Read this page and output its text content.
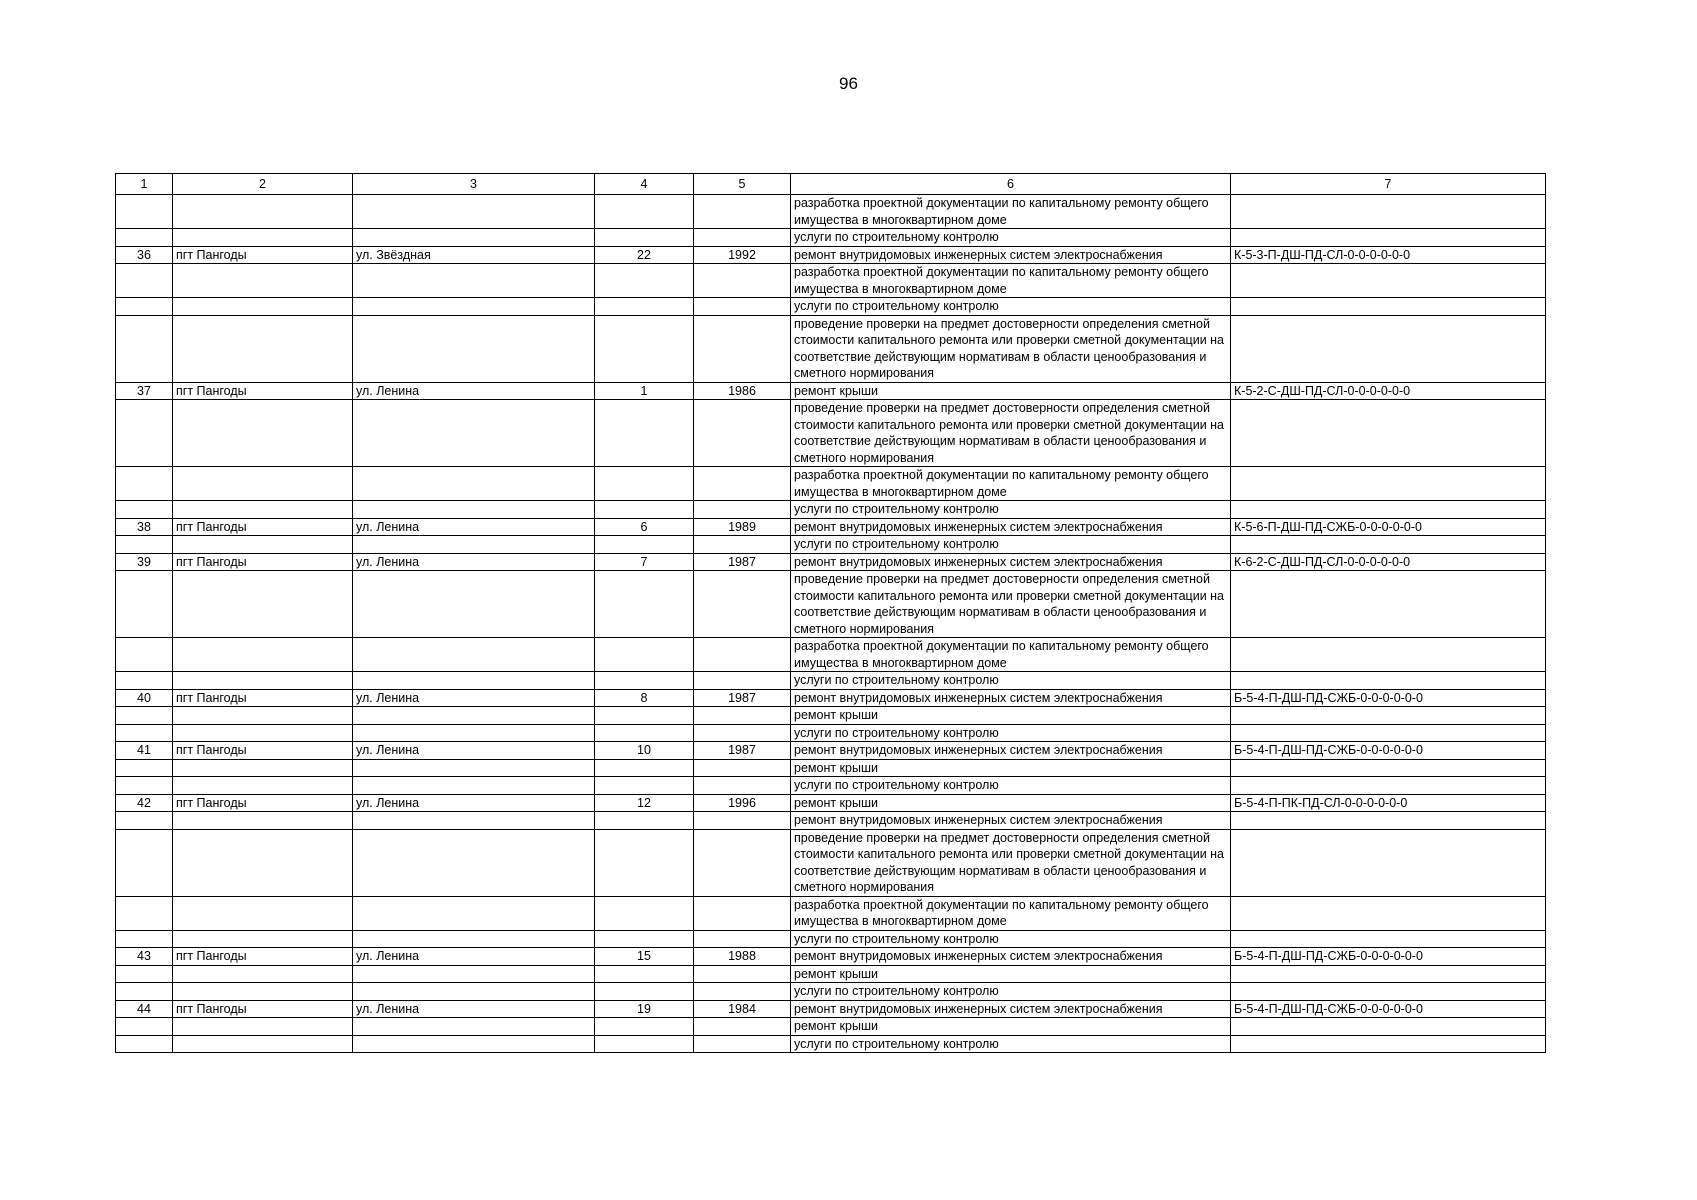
96
1	2	3	4	5	6	7
					разработка проектной документации по капитальному ремонту общего имущества в многоквартирном доме	
					услуги по строительному контролю	
36	пгт Пангоды	ул. Звёздная	22	1992	ремонт внутридомовых инженерных систем электроснабжения	К-5-3-П-ДШ-ПД-СЛ-0-0-0-0-0-0
					разработка проектной документации по капитальному ремонту общего имущества в многоквартирном доме	
					услуги по строительному контролю	
					проведение проверки на предмет достоверности определения сметной стоимости капитального ремонта или проверки сметной документации на соответствие действующим нормативам в области ценообразования и сметного нормирования	
37	пгт Пангоды	ул. Ленина	1	1986	ремонт крыши	К-5-2-С-ДШ-ПД-СЛ-0-0-0-0-0-0
					проведение проверки на предмет достоверности определения сметной стоимости капитального ремонта или проверки сметной документации на соответствие действующим нормативам в области ценообразования и сметного нормирования	
					разработка проектной документации по капитальному ремонту общего имущества в многоквартирном доме	
					услуги по строительному контролю	
38	пгт Пангоды	ул. Ленина	6	1989	ремонт внутридомовых инженерных систем электроснабжения	К-5-6-П-ДШ-ПД-СЖБ-0-0-0-0-0-0
					услуги по строительному контролю	
39	пгт Пангоды	ул. Ленина	7	1987	ремонт внутридомовых инженерных систем электроснабжения	К-6-2-С-ДШ-ПД-СЛ-0-0-0-0-0-0
					проведение проверки на предмет достоверности определения сметной стоимости капитального ремонта или проверки сметной документации на соответствие действующим нормативам в области ценообразования и сметного нормирования	
					разработка проектной документации по капитальному ремонту общего имущества в многоквартирном доме	
					услуги по строительному контролю	
40	пгт Пангоды	ул. Ленина	8	1987	ремонт внутридомовых инженерных систем электроснабжения	Б-5-4-П-ДШ-ПД-СЖБ-0-0-0-0-0-0
					ремонт крыши	
					услуги по строительному контролю	
41	пгт Пангоды	ул. Ленина	10	1987	ремонт внутридомовых инженерных систем электроснабжения	Б-5-4-П-ДШ-ПД-СЖБ-0-0-0-0-0-0
					ремонт крыши	
					услуги по строительному контролю	
42	пгт Пангоды	ул. Ленина	12	1996	ремонт крыши	Б-5-4-П-ПК-ПД-СЛ-0-0-0-0-0-0
					ремонт внутридомовых инженерных систем электроснабжения	
					проведение проверки на предмет достоверности определения сметной стоимости капитального ремонта или проверки сметной документации на соответствие действующим нормативам в области ценообразования и сметного нормирования	
					разработка проектной документации по капитальному ремонту общего имущества в многоквартирном доме	
					услуги по строительному контролю	
43	пгт Пангоды	ул. Ленина	15	1988	ремонт внутридомовых инженерных систем электроснабжения	Б-5-4-П-ДШ-ПД-СЖБ-0-0-0-0-0-0
					ремонт крыши	
					услуги по строительному контролю	
44	пгт Пангоды	ул. Ленина	19	1984	ремонт внутридомовых инженерных систем электроснабжения	Б-5-4-П-ДШ-ПД-СЖБ-0-0-0-0-0-0
					ремонт крыши	
					услуги по строительному контролю	
